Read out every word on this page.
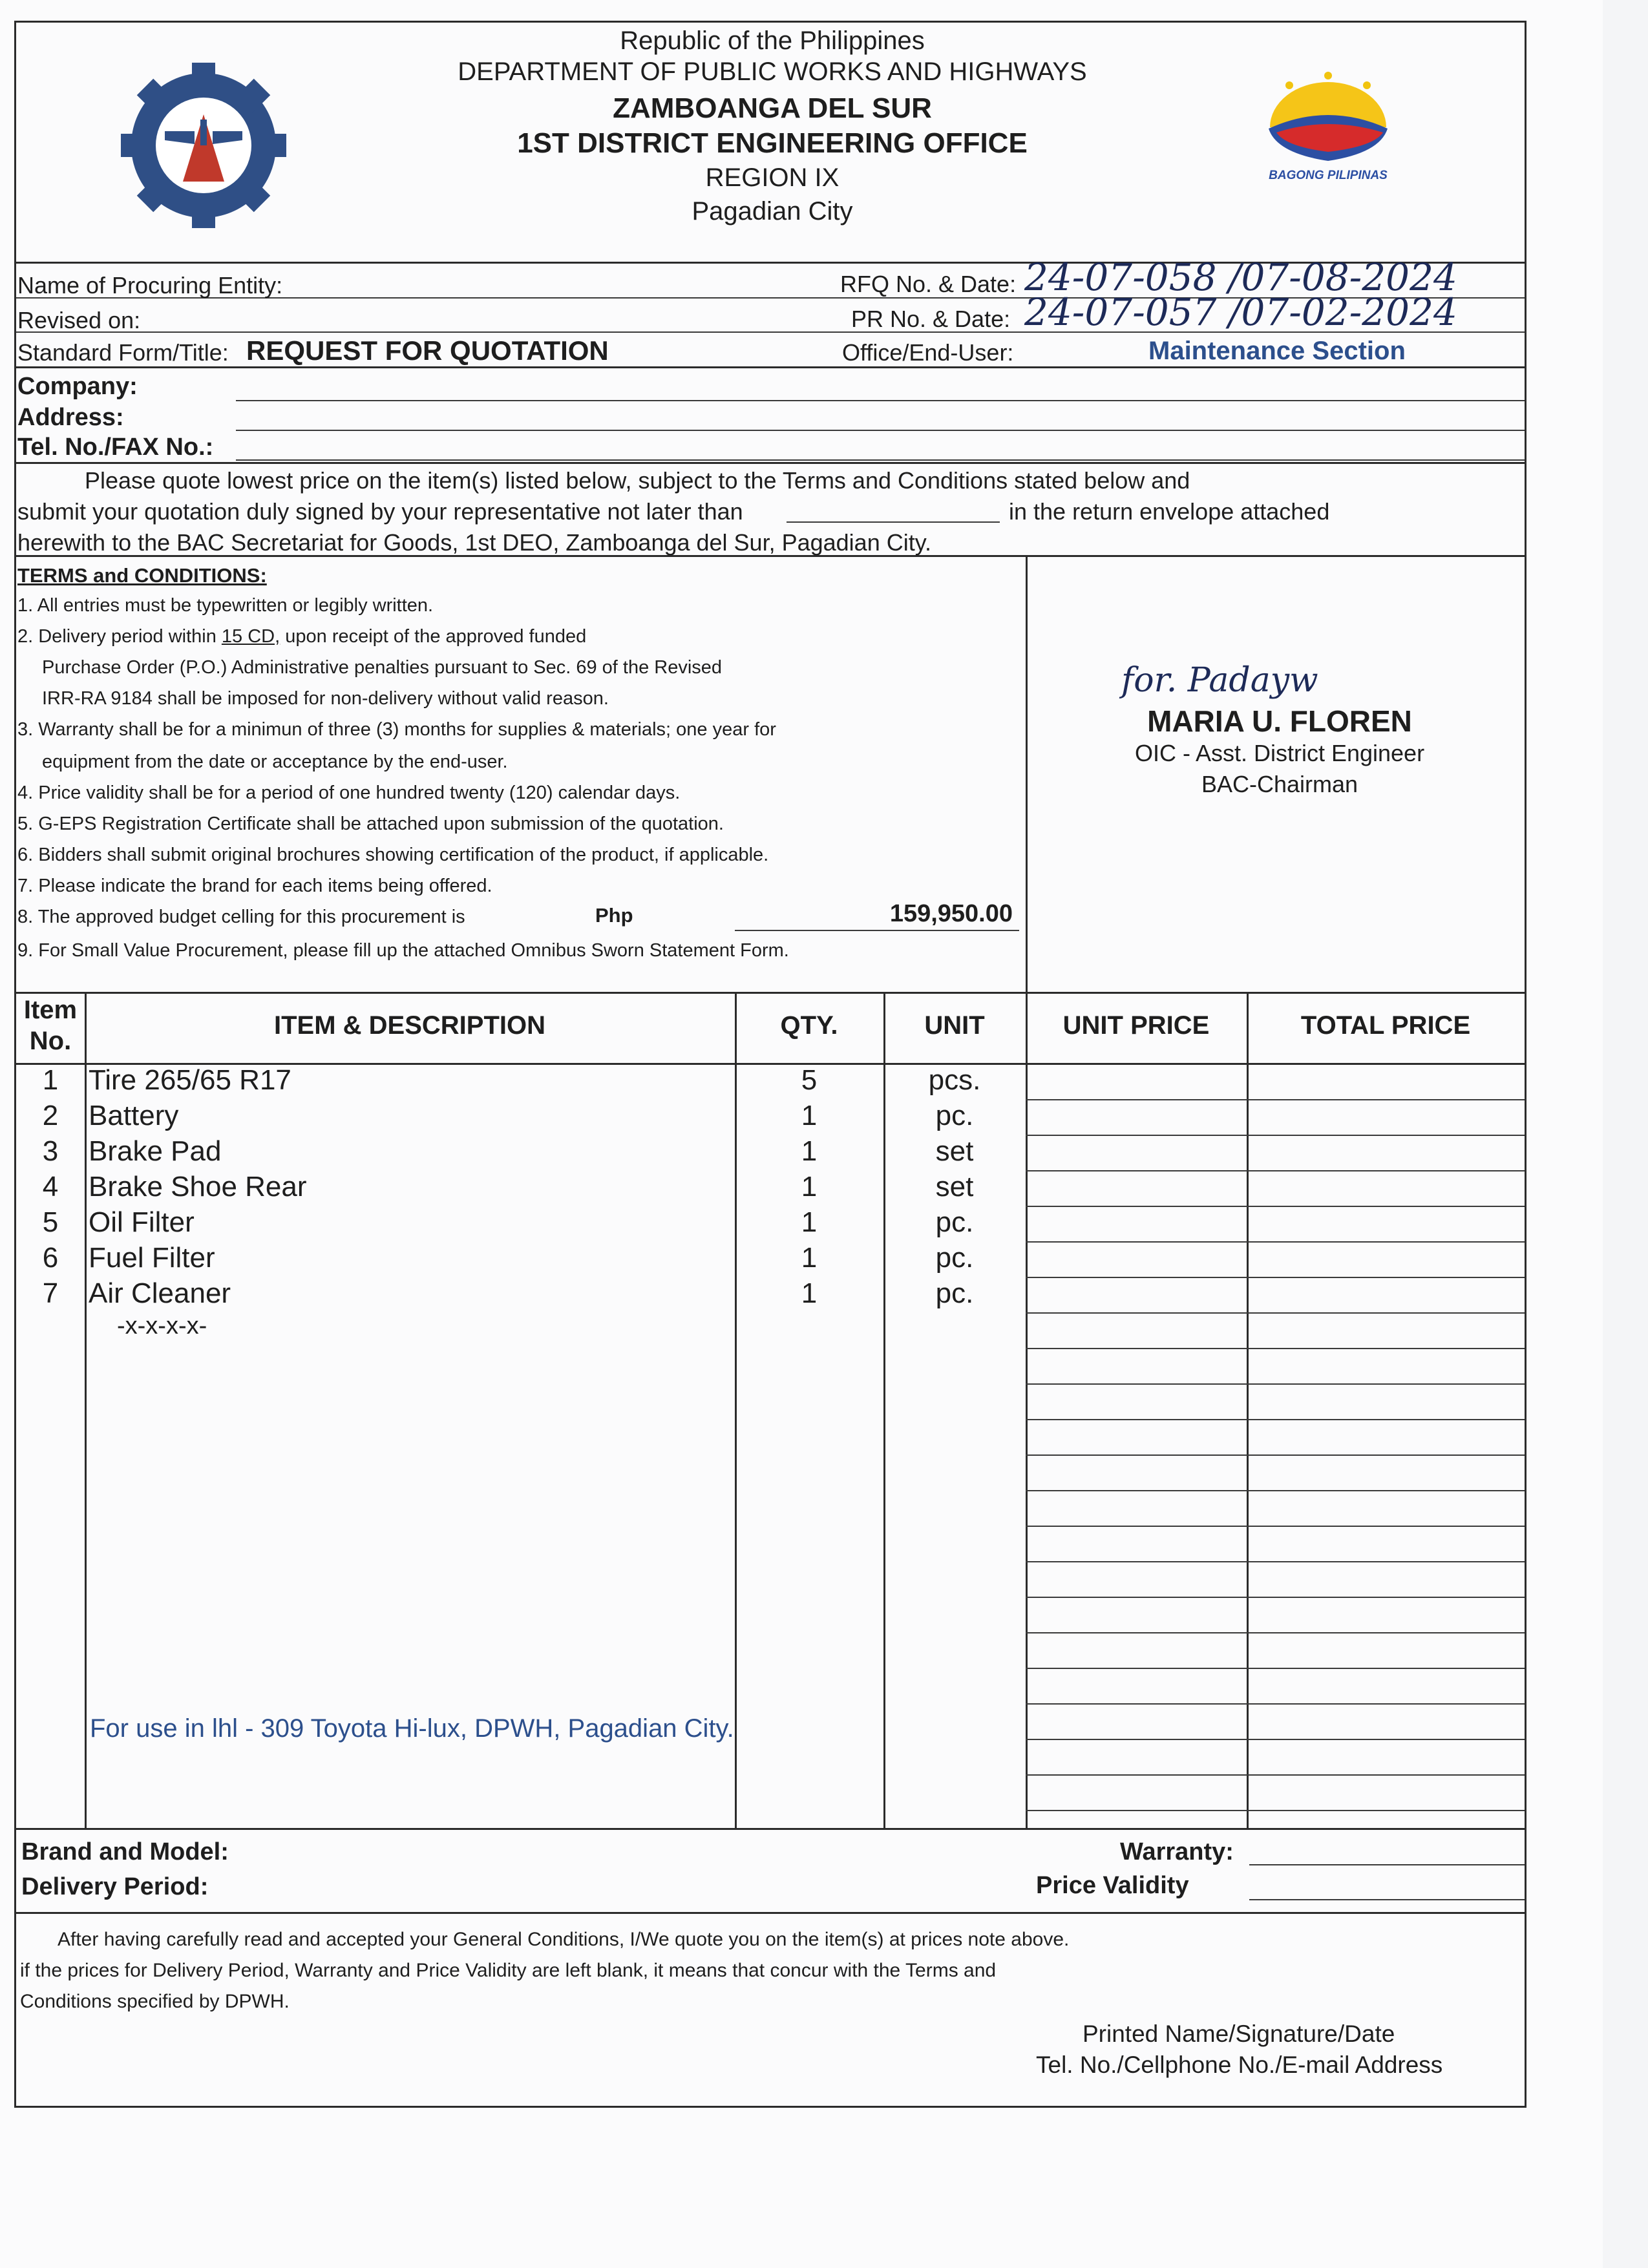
BAGONG PILIPINAS
Republic of the Philippines
DEPARTMENT OF PUBLIC WORKS AND HIGHWAYS
ZAMBOANGA DEL SUR
1ST DISTRICT ENGINEERING OFFICE
REGION IX
Pagadian City
Name of Procuring Entity:
Revised on:
Standard Form/Title: REQUEST FOR QUOTATION
RFQ No. & Date: 24-07-058 /07-08-2024
PR No. & Date: 24-07-057 /07-02-2024
Office/End-User:	Maintenance Section
Company:
Address:
Tel. No./FAX No.:
Please quote lowest price on the item(s) listed below, subject to the Terms and Conditions stated below and
submit your quotation duly signed by your representative not later than	in the return envelope attached
herewith to the BAC Secretariat for Goods, 1st DEO, Zamboanga del Sur, Pagadian City.
TERMS and CONDITIONS:
1. All entries must be typewritten or legibly written.
2. Delivery period within 15 CD, upon receipt of the approved funded
Purchase Order (P.O.) Administrative penalties pursuant to Sec. 69 of the Revised
IRR-RA 9184 shall be imposed for non-delivery without valid reason.
3. Warranty shall be for a minimun of three (3) months for supplies & materials; one year for
equipment from the date or acceptance by the end-user.
4. Price validity shall be for a period of one hundred twenty (120) calendar days.
5. G-EPS Registration Certificate shall be attached upon submission of the quotation.
6. Bidders shall submit original brochures showing certification of the product, if applicable.
7. Please indicate the brand for each items being offered.
8. The approved budget celling for this procurement is	Php	159,950.00
9. For Small Value Procurement, please fill up the attached Omnibus Sworn Statement Form.
for. Padayw
MARIA U. FLOREN
OIC - Asst. District Engineer
BAC-Chairman
Item
No.
ITEM & DESCRIPTION	QTY.	UNIT	UNIT PRICE	TOTAL PRICE
1	Tire 265/65 R17	5	pcs.
2	Battery	1	pc.
3	Brake Pad	1	set
4	Brake Shoe Rear	1	set
5	Oil Filter	1	pc.
6	Fuel Filter	1	pc.
7	Air Cleaner	1	pc.
-x-x-x-x-
For use in lhl - 309 Toyota Hi-lux, DPWH, Pagadian City.
Brand and Model:
Delivery Period:
Warranty:
Price Validity
After having carefully read and accepted your General Conditions, I/We quote you on the item(s) at prices note above.
if the prices for Delivery Period, Warranty and Price Validity are left blank, it means that concur with the Terms and
Conditions specified by DPWH.
Printed Name/Signature/Date
Tel. No./Cellphone No./E-mail Address
